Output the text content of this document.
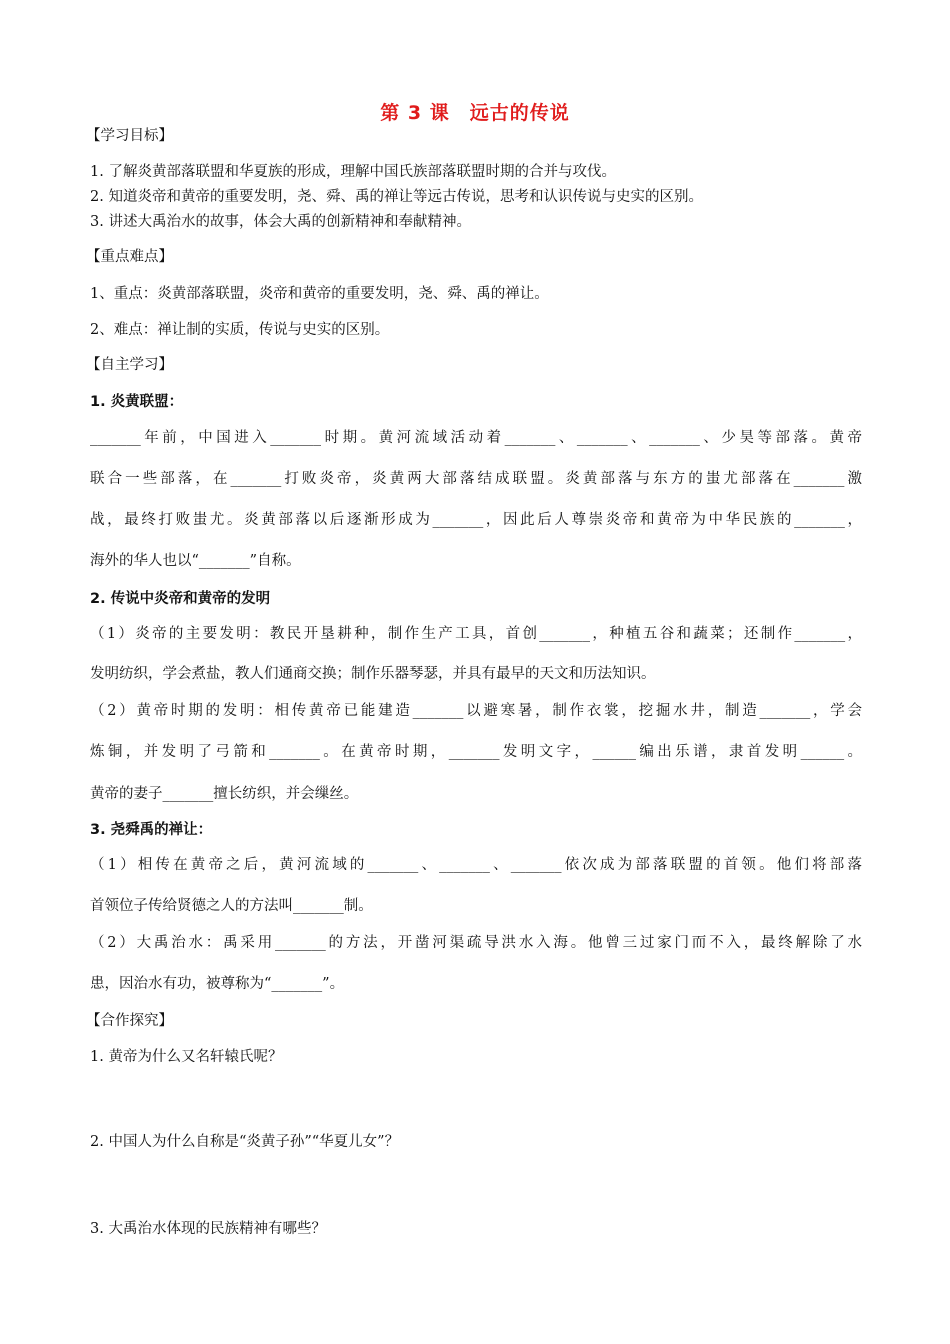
第 3 课　远古的传说
【学习目标】
1. 了解炎黄部落联盟和华夏族的形成，理解中国氏族部落联盟时期的合并与攻伐。
2. 知道炎帝和黄帝的重要发明，尧、舜、禹的禅让等远古传说，思考和认识传说与史实的区别。
3. 讲述大禹治水的故事，体会大禹的创新精神和奉献精神。
【重点难点】
1、重点：炎黄部落联盟，炎帝和黄帝的重要发明，尧、舜、禹的禅让。
2、难点：禅让制的实质，传说与史实的区别。
【自主学习】
1. 炎黄联盟：
_______年前，中国进入_______时期。黄河流域活动着_______、_______、_______、少昊等部落。黄帝
联合一些部落，在_______打败炎帝，炎黄两大部落结成联盟。炎黄部落与东方的蚩尤部落在_______激
战，最终打败蚩尤。炎黄部落以后逐渐形成为_______，因此后人尊崇炎帝和黄帝为中华民族的_______，
海外的华人也以“_______”自称。
2. 传说中炎帝和黄帝的发明
（1）炎帝的主要发明：教民开垦耕种，制作生产工具，首创_______，种植五谷和蔬菜；还制作_______，
发明纺织，学会煮盐，教人们通商交换；制作乐器琴瑟，并具有最早的天文和历法知识。
（2）黄帝时期的发明：相传黄帝已能建造_______以避寒暑，制作衣裳，挖掘水井，制造_______，学会
炼铜，并发明了弓箭和_______。在黄帝时期，_______发明文字，______编出乐谱，隶首发明______。
黄帝的妻子_______擅长纺织，并会缫丝。
3. 尧舜禹的禅让：
（1）相传在黄帝之后，黄河流域的_______、_______、_______依次成为部落联盟的首领。他们将部落
首领位子传给贤德之人的方法叫_______制。
（2）大禹治水：禹采用_______的方法，开凿河渠疏导洪水入海。他曾三过家门而不入，最终解除了水
患，因治水有功，被尊称为“_______”。
【合作探究】
1. 黄帝为什么又名轩辕氏呢？
2. 中国人为什么自称是“炎黄子孙”“华夏儿女”？
3. 大禹治水体现的民族精神有哪些？
